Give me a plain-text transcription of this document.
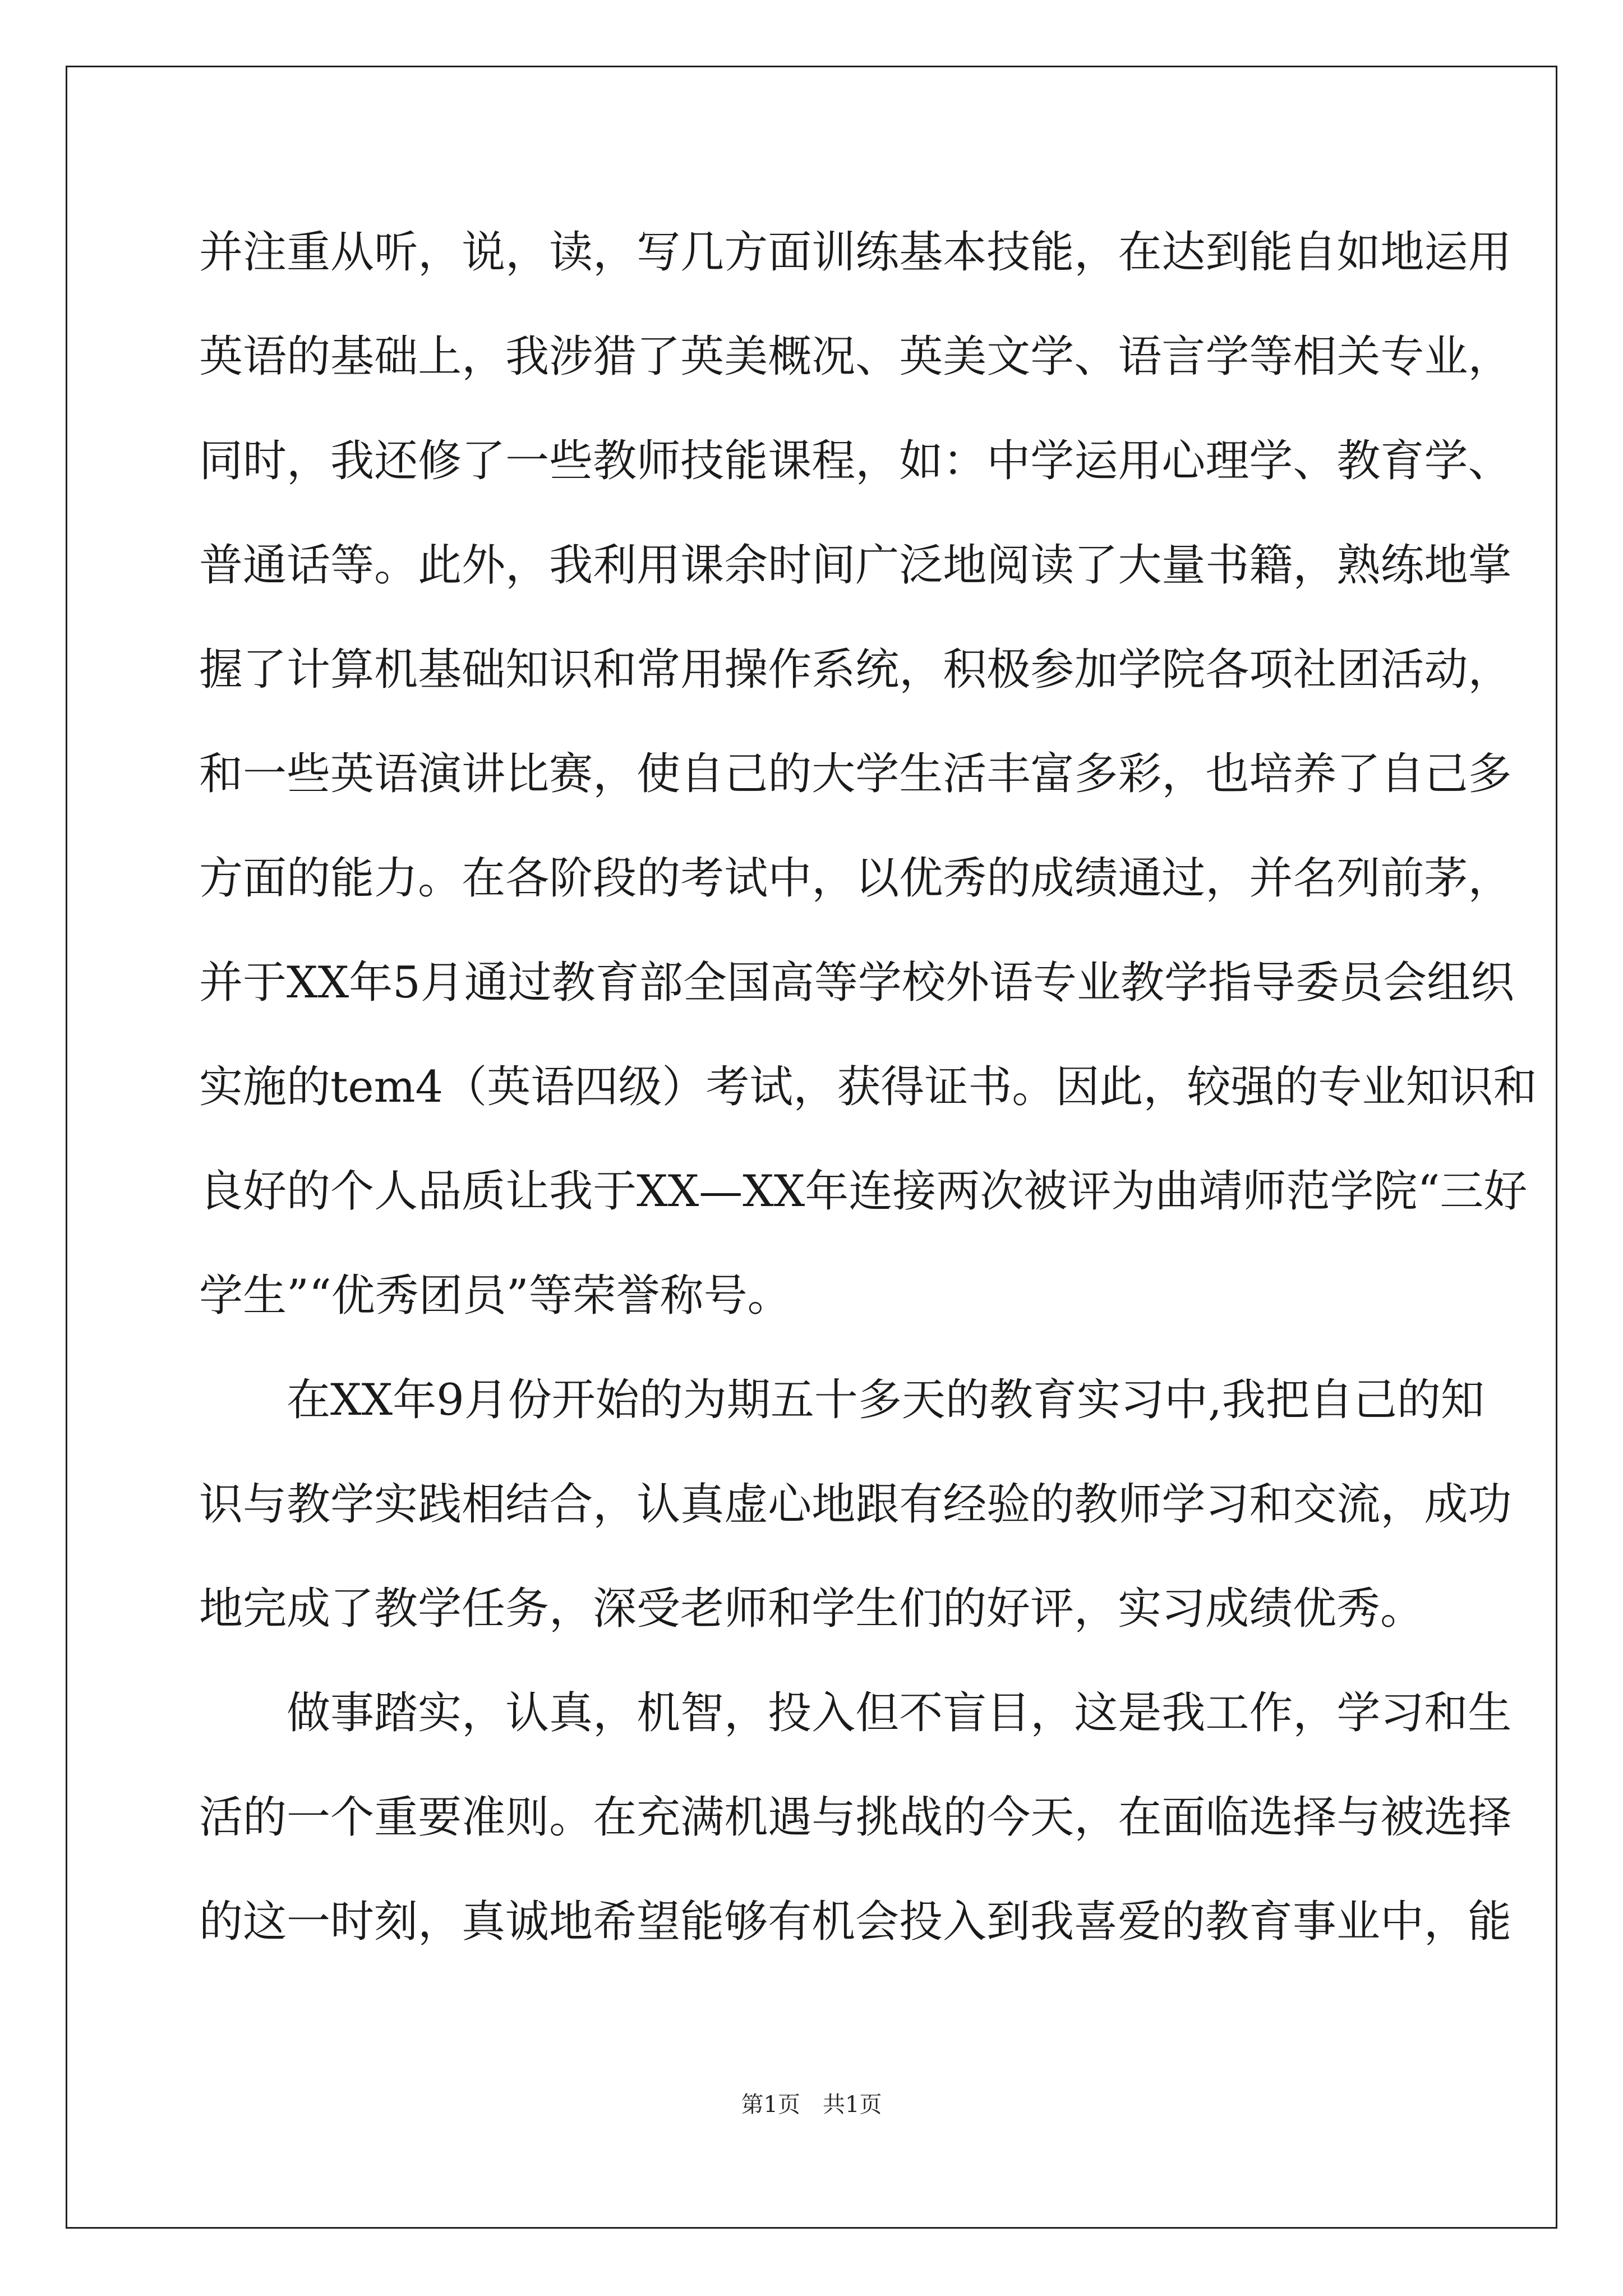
并 注 重 从 听 ， 说 ， 读 ， 写 几 方 面 训 练 基 本 技 能 ， 在 达 到 能 自 如 地 运 用
英 语 的 基 础 上 ， 我 涉 猎 了 英 美 概 况 、 英 美 文 学 、 语 言 学 等 相 关 专 业 ，
同 时 ， 我 还 修 了 一 些 教 师 技 能 课 程 ， 如 ： 中 学 运 用 心 理 学 、 教 育 学 、
普 通 话 等 。 此 外 ， 我 利 用 课 余 时 间 广 泛 地 阅 读 了 大 量 书 籍 ， 熟 练 地 掌
握 了 计 算 机 基 础 知 识 和 常 用 操 作 系 统 ， 积 极 参 加 学 院 各 项 社 团 活 动 ，
和 一 些 英 语 演 讲 比 赛 ， 使 自 己 的 大 学 生 活 丰 富 多 彩 ， 也 培 养 了 自 己 多
方 面 的 能 力 。 在 各 阶 段 的 考 试 中 ， 以 优 秀 的 成 绩 通 过 ， 并 名 列 前 茅 ，
并 于 X X 年 5 月 通 过 教 育 部 全 国 高 等 学 校 外 语 专 业 教 学 指 导 委 员 会 组 织
实 施 的 t e m 4 （ 英 语 四 级 ） 考 试 ， 获 得 证 书 。 因 此 ， 较 强 的 专 业 知 识 和
良 好 的 个 人 品 质 让 我 于 X X — X X 年 连 接 两 次 被 评 为 曲 靖 师 范 学 院 “ 三 好
学生”“优秀团员”等荣誉称号。
在 X X 年 9 月 份 开 始 的 为 期 五 十 多 天 的 教 育 实 习 中 , 我 把 自 己 的 知
识 与 教 学 实 践 相 结 合 ， 认 真 虚 心 地 跟 有 经 验 的 教 师 学 习 和 交 流 ， 成 功
地完成了教学任务，深受老师和学生们的好评，实习成绩优秀。
做 事 踏 实 ， 认 真 ， 机 智 ， 投 入 但 不 盲 目 ， 这 是 我 工 作 ， 学 习 和 生
活 的 一 个 重 要 准 则 。 在 充 满 机 遇 与 挑 战 的 今 天 ， 在 面 临 选 择 与 被 选 择
的这一时刻，真诚地希望能够有机会投入到我喜爱的教育事业中，能
第1页 共1页
